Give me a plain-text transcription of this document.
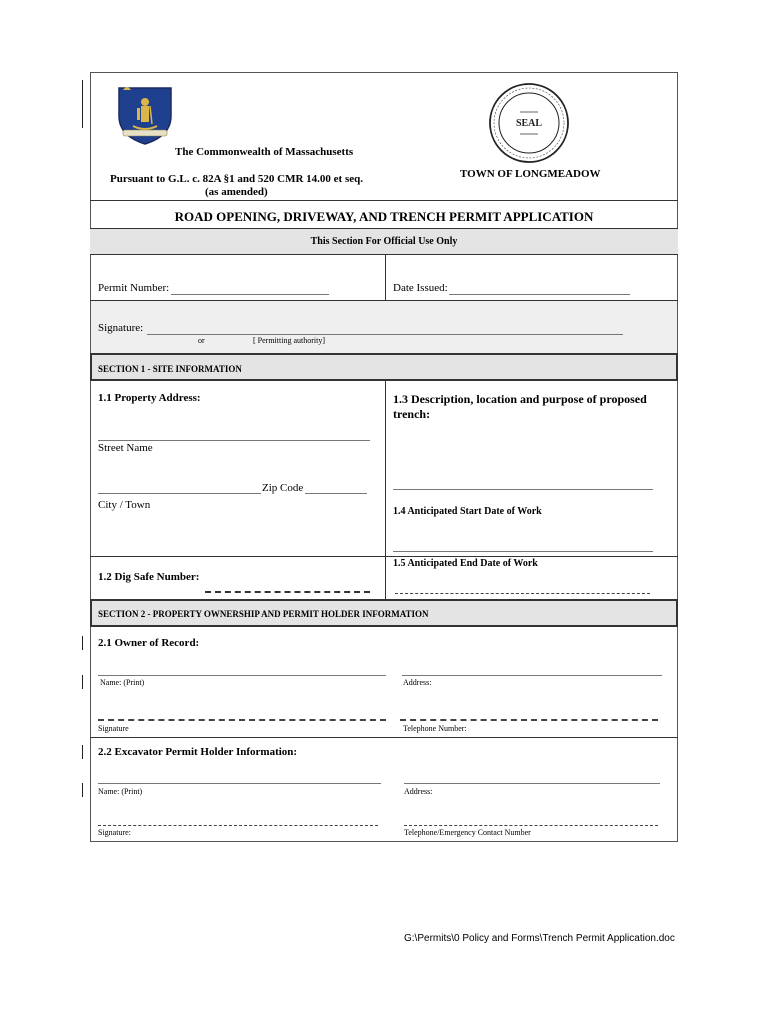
The Commonwealth of Massachusetts
Pursuant to G.L. c. 82A §1 and 520 CMR 14.00 et seq.
(as amended)
SEAL
TOWN OF LONGMEADOW
ROAD OPENING, DRIVEWAY, AND TRENCH PERMIT APPLICATION
This Section For Official Use Only
Permit Number:	Date Issued:
Signature:
or	[ Permitting authority]
SECTION 1 - SITE INFORMATION
1.1 Property Address:
Street Name
Zip Code
City / Town
1.3 Description, location and purpose of proposed trench:
1.4 Anticipated Start Date of Work
1.5 Anticipated End Date of Work
1.2 Dig Safe Number:
SECTION 2 - PROPERTY OWNERSHIP AND PERMIT HOLDER INFORMATION
2.1 Owner of Record:
Name: (Print)	Address:
Signature	Telephone Number:
2.2 Excavator Permit Holder Information:
Name: (Print)	Address:
Signature:	Telephone/Emergency Contact Number
G:\Permits\0 Policy and Forms\Trench Permit Application.doc
